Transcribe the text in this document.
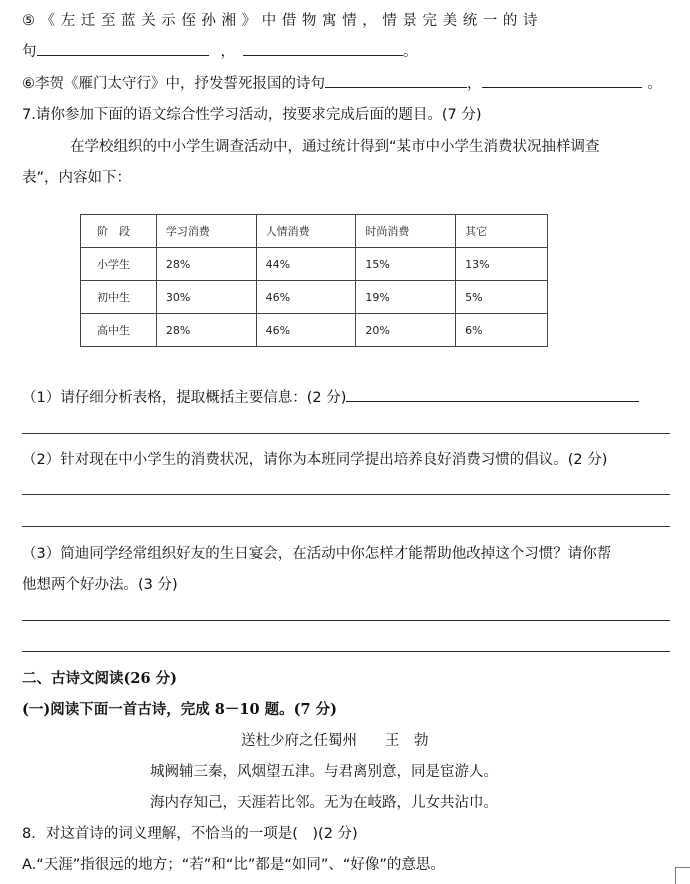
⑤《左迁至蓝关示侄孙湘》中借物寓情，情景完美统一的诗
句	，	。
⑥李贺《雁门太守行》中，抒发誓死报国的诗句	，	。
7.请你参加下面的语文综合性学习活动，按要求完成后面的题目。(7 分)
在学校组织的中小学生调查活动中，通过统计得到“某市中小学生消费状况抽样调查
表”，内容如下：
阶　段	学习消费	人情消费	时尚消费	其它
小学生	28%	44%	15%	13%
初中生	30%	46%	19%	5%
高中生	28%	46%	20%	6%
（1）请仔细分析表格，提取概括主要信息：(2 分)
（2）针对现在中小学生的消费状况，请你为本班同学提出培养良好消费习惯的倡议。(2 分)
（3）简迪同学经常组织好友的生日宴会，在活动中你怎样才能帮助他改掉这个习惯？请你帮
他想两个好办法。(3 分)
二、古诗文阅读(26 分)
(一)阅读下面一首古诗，完成 8－10 题。(7 分)
送杜少府之任蜀州 王　勃
城阙辅三秦，风烟望五津。与君离别意，同是宦游人。
海内存知己，天涯若比邻。无为在岐路，儿女共沾巾。
8．对这首诗的词义理解，不恰当的一项是(　)(2 分)
A.“天涯”指很远的地方；“若”和“比”都是“如同”、“好像”的意思。
